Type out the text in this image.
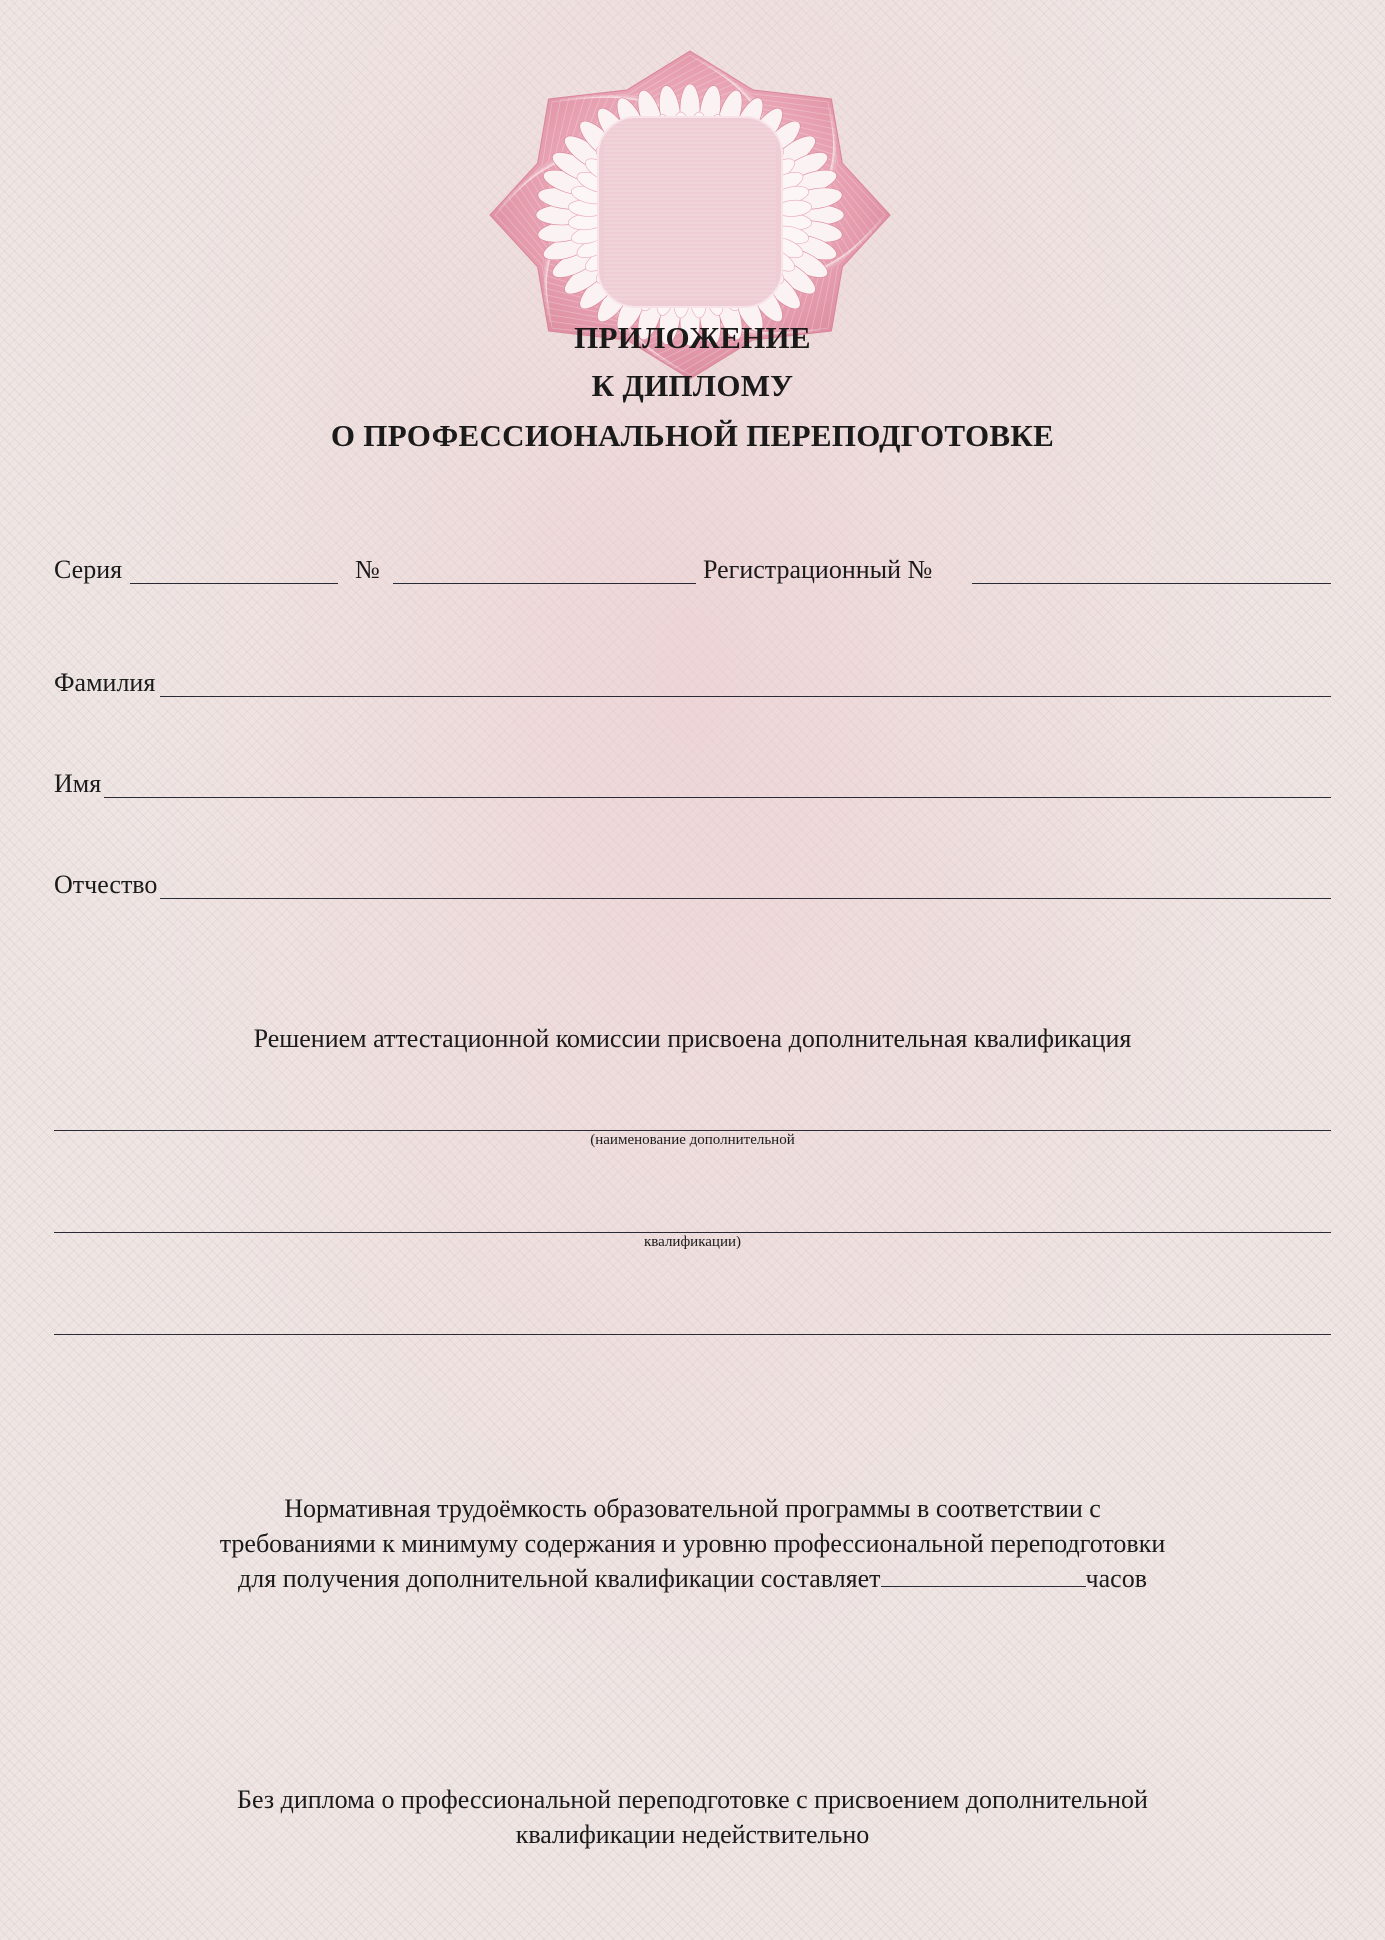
ПРИЛОЖЕНИЕ
К ДИПЛОМУ
О ПРОФЕССИОНАЛЬНОЙ ПЕРЕПОДГОТОВКЕ
Серия	№	Регистрационный №
Фамилия
Имя
Отчество
Решением аттестационной комиссии присвоена дополнительная квалификация
(наименование дополнительной
квалификации)
Нормативная трудоёмкость образовательной программы в соответствии с
требованиями к минимуму содержания и уровню профессиональной переподготовки
для получения дополнительной квалификации составляет	часов
Без диплома о профессиональной переподготовке с присвоением дополнительной
квалификации недействительно
